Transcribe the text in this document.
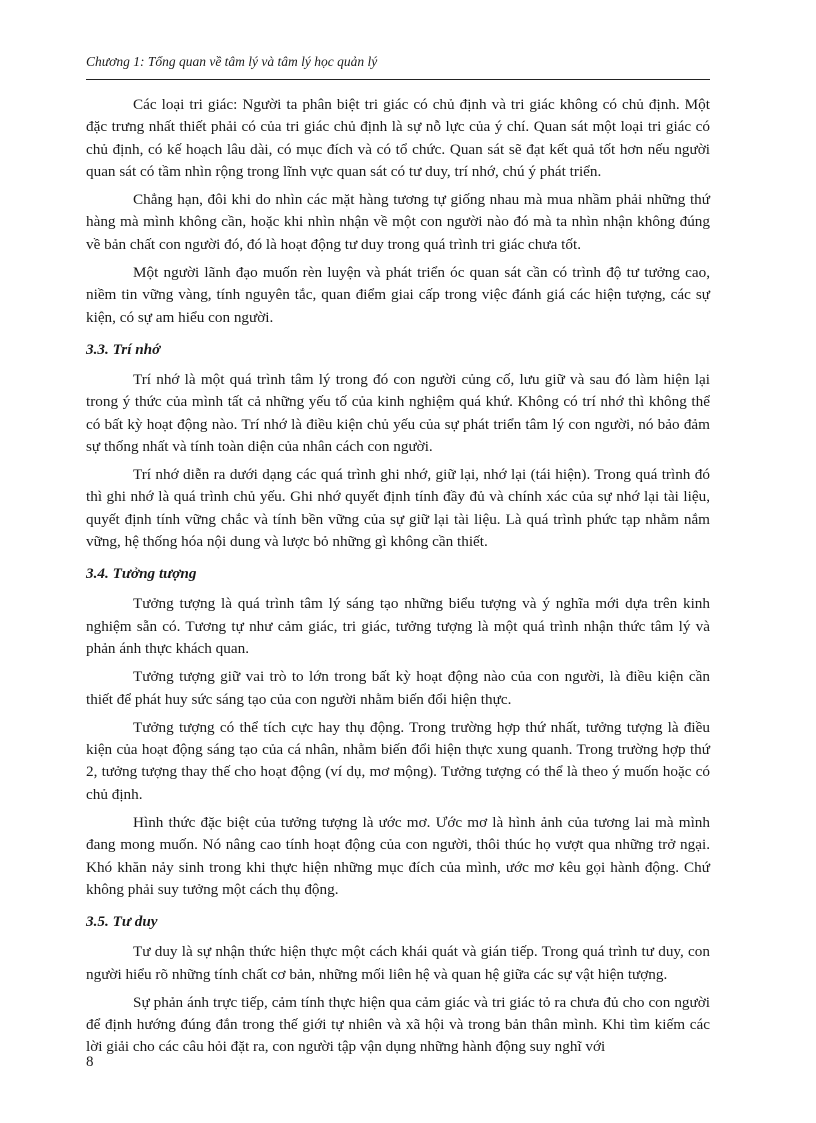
Chương 1: Tổng quan về tâm lý và tâm lý học quản lý

Các loại tri giác: Người ta phân biệt tri giác có chủ định và tri giác không có chủ định. Một đặc trưng nhất thiết phải có của tri giác chủ định là sự nỗ lực của ý chí. Quan sát một loại tri giác có chủ định, có kế hoạch lâu dài, có mục đích và có tổ chức. Quan sát sẽ đạt kết quả tốt hơn nếu người quan sát có tầm nhìn rộng trong lĩnh vực quan sát có tư duy, trí nhớ, chú ý phát triển.

Chẳng hạn, đôi khi do nhìn các mặt hàng tương tự giống nhau mà mua nhầm phải những thứ hàng mà mình không cần, hoặc khi nhìn nhận về một con người nào đó mà ta nhìn nhận không đúng về bản chất con người đó, đó là hoạt động tư duy trong quá trình tri giác chưa tốt.

Một người lãnh đạo muốn rèn luyện và phát triển óc quan sát cần có trình độ tư tưởng cao, niềm tin vững vàng, tính nguyên tắc, quan điểm giai cấp trong việc đánh giá các hiện tượng, các sự kiện, có sự am hiểu con người.

3.3. Trí nhớ

Trí nhớ là một quá trình tâm lý trong đó con người củng cố, lưu giữ và sau đó làm hiện lại trong ý thức của mình tất cả những yếu tố của kinh nghiệm quá khứ. Không có trí nhớ thì không thể có bất kỳ hoạt động nào. Trí nhớ là điều kiện chủ yếu của sự phát triển tâm lý con người, nó bảo đảm sự thống nhất và tính toàn diện của nhân cách con người.

Trí nhớ diễn ra dưới dạng các quá trình ghi nhớ, giữ lại, nhớ lại (tái hiện). Trong quá trình đó thì ghi nhớ là quá trình chủ yếu. Ghi nhớ quyết định tính đầy đủ và chính xác của sự nhớ lại tài liệu, quyết định tính vững chắc và tính bền vững của sự giữ lại tài liệu. Là quá trình phức tạp nhằm nắm vững, hệ thống hóa nội dung và lược bỏ những gì không cần thiết.

3.4. Tưởng tượng

Tưởng tượng là quá trình tâm lý sáng tạo những biểu tượng và ý nghĩa mới dựa trên kinh nghiệm sẵn có. Tương tự như cảm giác, tri giác, tưởng tượng là một quá trình nhận thức tâm lý và phản ánh thực khách quan.

Tưởng tượng giữ vai trò to lớn trong bất kỳ hoạt động nào của con người, là điều kiện cần thiết để phát huy sức sáng tạo của con người nhằm biến đổi hiện thực.

Tưởng tượng có thể tích cực hay thụ động. Trong trường hợp thứ nhất, tưởng tượng là điều kiện của hoạt động sáng tạo của cá nhân, nhằm biến đổi hiện thực xung quanh. Trong trường hợp thứ 2, tưởng tượng thay thế cho hoạt động (ví dụ, mơ mộng). Tưởng tượng có thể là theo ý muốn hoặc có chủ định.

Hình thức đặc biệt của tưởng tượng là ước mơ. Ước mơ là hình ảnh của tương lai mà mình đang mong muốn. Nó nâng cao tính hoạt động của con người, thôi thúc họ vượt qua những trở ngại. Khó khăn nảy sinh trong khi thực hiện những mục đích của mình, ước mơ kêu gọi hành động. Chứ không phải suy tưởng một cách thụ động.

3.5. Tư duy

Tư duy là sự nhận thức hiện thực một cách khái quát và gián tiếp. Trong quá trình tư duy, con người hiểu rõ những tính chất cơ bản, những mối liên hệ và quan hệ giữa các sự vật hiện tượng.

Sự phản ánh trực tiếp, cảm tính thực hiện qua cảm giác và tri giác tỏ ra chưa đủ cho con người để định hướng đúng đắn trong thế giới tự nhiên và xã hội và trong bản thân mình. Khi tìm kiếm các lời giải cho các câu hỏi đặt ra, con người tập vận dụng những hành động suy nghĩ với

8
